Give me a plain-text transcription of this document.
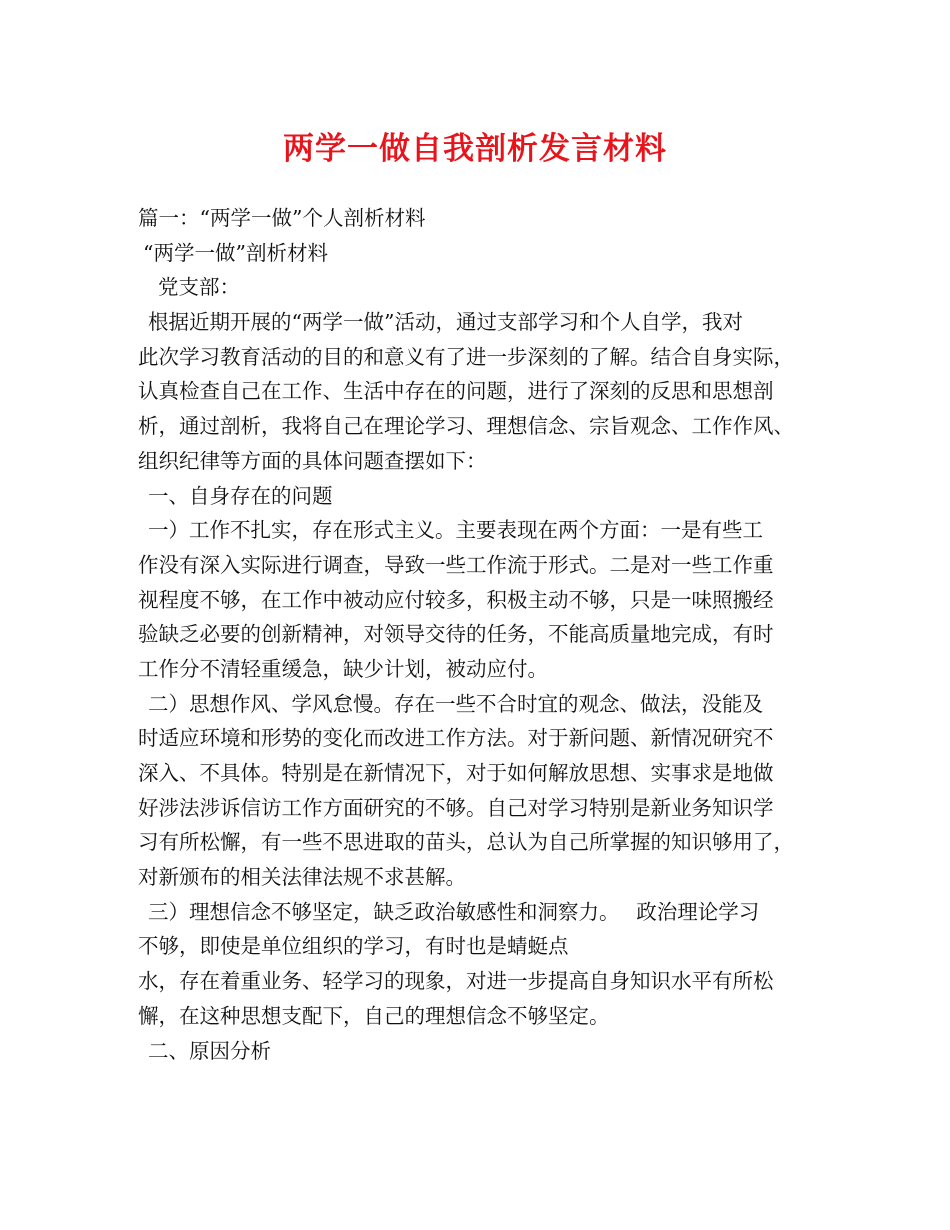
两学一做自我剖析发言材料
篇一：“两学一做”个人剖析材料
“两学一做”剖析材料
党支部：
根据近期开展的“两学一做”活动，通过支部学习和个人自学，我对
此次学习教育活动的目的和意义有了进一步深刻的了解。结合自身实际，
认真检查自己在工作、生活中存在的问题，进行了深刻的反思和思想剖
析，通过剖析，我将自己在理论学习、理想信念、宗旨观念、工作作风、
组织纪律等方面的具体问题查摆如下：
一、自身存在的问题
一）工作不扎实，存在形式主义。主要表现在两个方面：一是有些工
作没有深入实际进行调查，导致一些工作流于形式。二是对一些工作重
视程度不够，在工作中被动应付较多，积极主动不够，只是一味照搬经
验缺乏必要的创新精神，对领导交待的任务，不能高质量地完成，有时
工作分不清轻重缓急，缺少计划，被动应付。
二）思想作风、学风怠慢。存在一些不合时宜的观念、做法，没能及
时适应环境和形势的变化而改进工作方法。对于新问题、新情况研究不
深入、不具体。特别是在新情况下，对于如何解放思想、实事求是地做
好涉法涉诉信访工作方面研究的不够。自己对学习特别是新业务知识学
习有所松懈，有一些不思进取的苗头，总认为自己所掌握的知识够用了，
对新颁布的相关法律法规不求甚解。
三）理想信念不够坚定，缺乏政治敏感性和洞察力。　 政治理论学习
不够，即使是单位组织的学习，有时也是蜻蜓点
水，存在着重业务、轻学习的现象，对进一步提高自身知识水平有所松
懈，在这种思想支配下，自己的理想信念不够坚定。
二、原因分析
